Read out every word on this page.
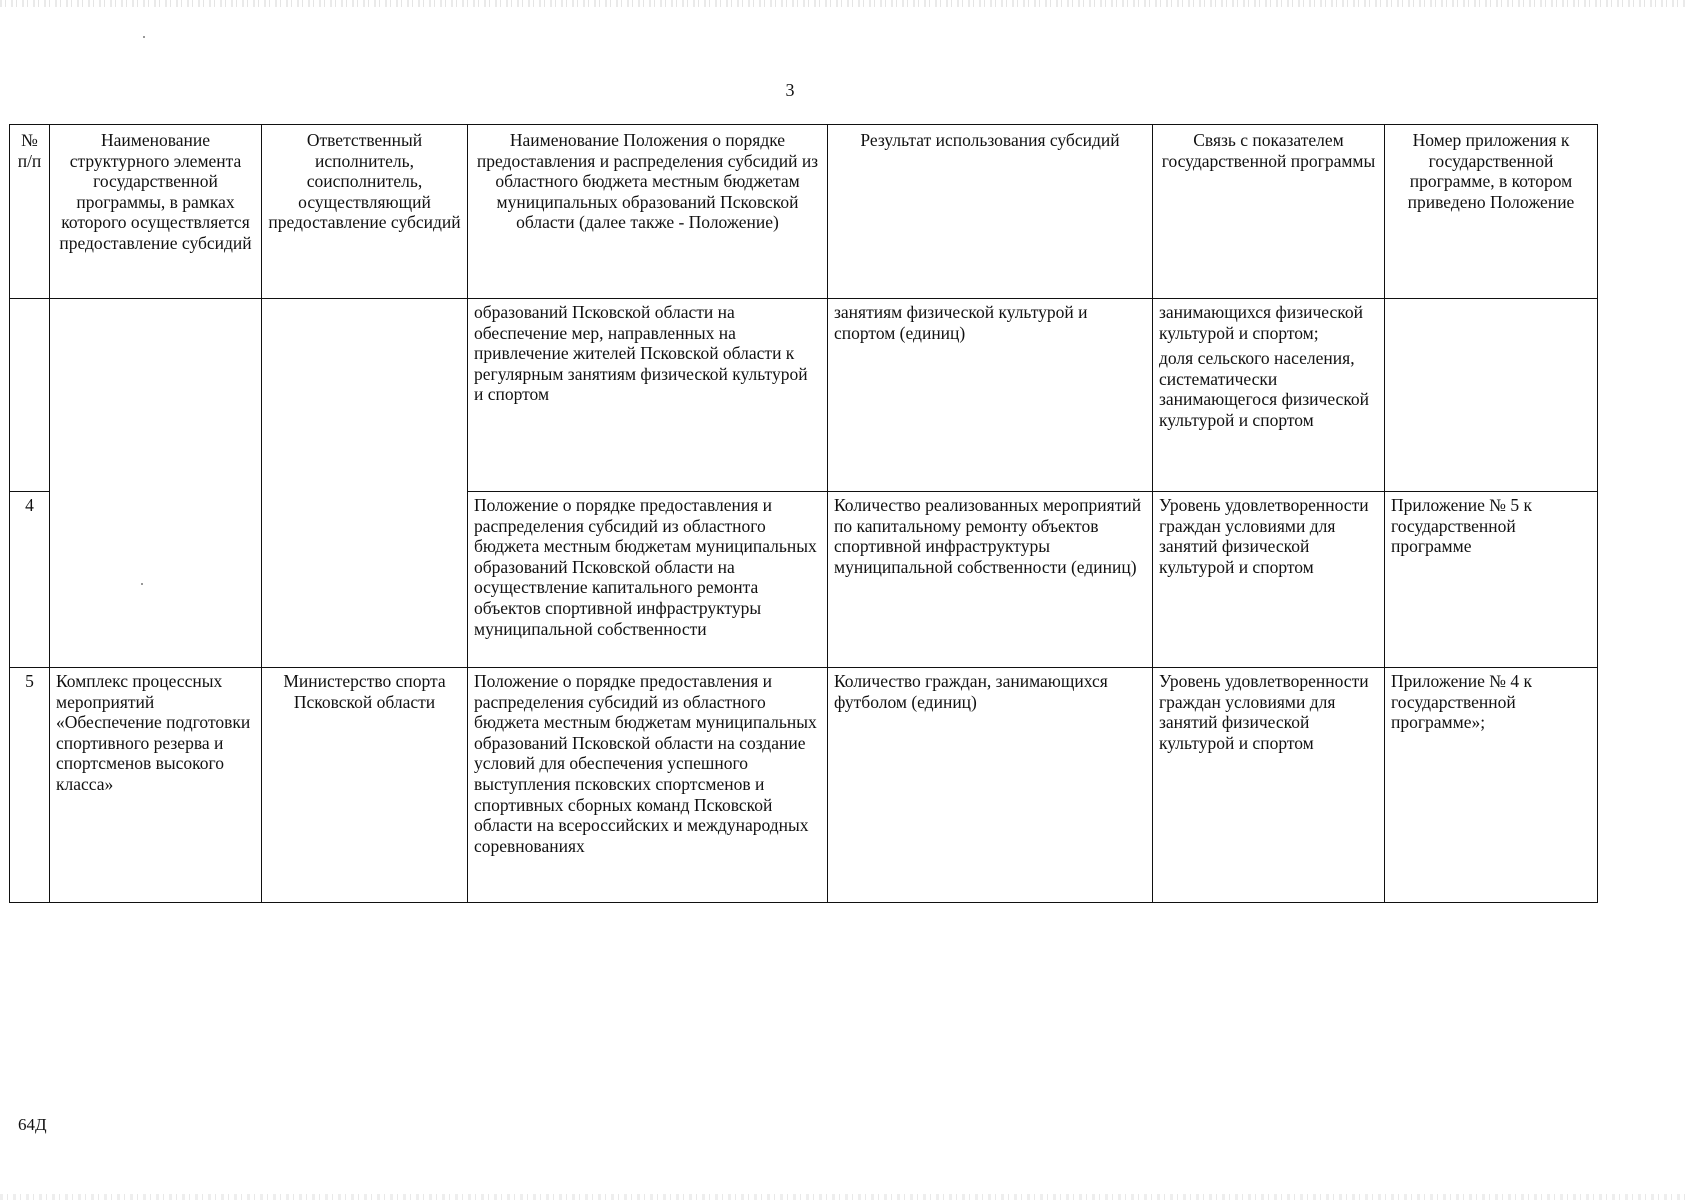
3
№ п/п	Наименование структурного элемента государственной программы, в рамках которого осуществляется предоставление субсидий	Ответственный исполнитель, соисполнитель, осуществляющий предоставление субсидий	Наименование Положения о порядке предоставления и распределения субсидий из областного бюджета местным бюджетам муниципальных образований Псковской области (далее также - Положение)	Результат использования субсидий	Связь с показателем государственной программы	Номер приложения к государственной программе, в котором приведено Положение
			образований Псковской области на обеспечение мер, направленных на привлечение жителей Псковской области к регулярным занятиям физической культурой и спортом	занятиям физической культурой и спортом (единиц)	занимающихся физической культурой и спортом;
доля сельского населения, систематически занимающегося физической культурой и спортом	

4			Положение о порядке предоставления и распределения субсидий из областного бюджета местным бюджетам муниципальных образований Псковской области на осуществление капитального ремонта объектов спортивной инфраструктуры муниципальной собственности	Количество реализованных мероприятий по капитальному ремонту объектов спортивной инфраструктуры муниципальной собственности (единиц)	Уровень удовлетворенности граждан условиями для занятий физической культурой и спортом	Приложение № 5 к государственной программе
5	Комплекс процессных мероприятий «Обеспечение подготовки спортивного резерва и спортсменов высокого класса»	Министерство спорта Псковской области	Положение о порядке предоставления и распределения субсидий из областного бюджета местным бюджетам муниципальных образований Псковской области на создание условий для обеспечения успешного выступления псковских спортсменов и спортивных сборных команд Псковской области на всероссийских и международных соревнованиях	Количество граждан, занимающихся футболом (единиц)	Уровень удовлетворенности граждан условиями для занятий физической культурой и спортом	Приложение № 4 к государственной программе»;
64Д
